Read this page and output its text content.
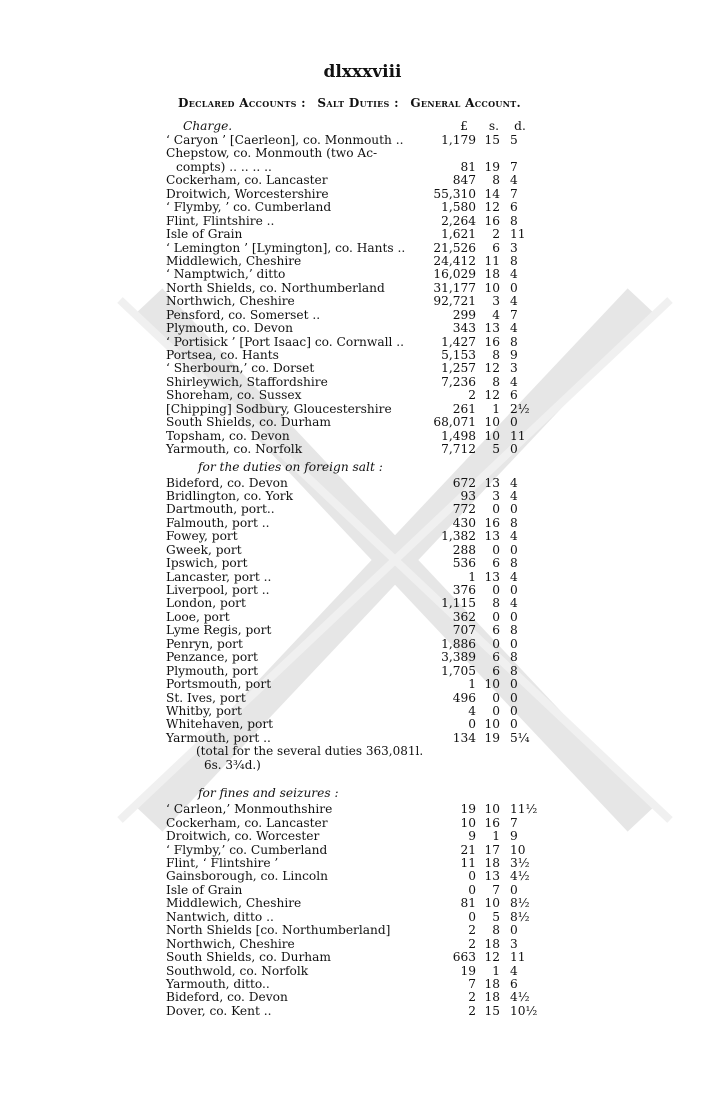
dlxxxviii
Declared Accounts : Salt Duties : General Account.
Charge.	£	s.	d.
‘ Caryon ’ [Caerleon], co. Monmouth ..	1,179 15 5
Chepstow, co. Monmouth (two Ac-
compts) .. .. .. ..	81 19 7
Cockerham, co. Lancaster	847	8 4
Droitwich, Worcestershire	55,310 14 7
‘ Flymby, ’ co. Cumberland	1,580 12 6
Flint, Flintshire ..	2,264 16 8
Isle of Grain	1,621	2 11
‘ Lemington ’ [Lymington], co. Hants ..	21,526	6 3
Middlewich, Cheshire	24,412 11 8
‘ Namptwich,’ ditto	16,029 18 4
North Shields, co. Northumberland	31,177 10 0
Northwich, Cheshire	92,721	3 4
Pensford, co. Somerset ..	299	4 7
Plymouth, co. Devon	343 13 4
‘ Portisick ’ [Port Isaac] co. Cornwall ..	1,427 16 8
Portsea, co. Hants	5,153	8 9
‘ Sherbourn,’ co. Dorset	1,257 12 3
Shirleywich, Staffordshire	7,236	8 4
Shoreham, co. Sussex	2 12 6
[Chipping] Sodbury, Gloucestershire	261	1 2½
South Shields, co. Durham	68,071 10 0
Topsham, co. Devon	1,498 10 11
Yarmouth, co. Norfolk	7,712	5 0
for the duties on foreign salt :
Bideford, co. Devon	672 13 4
Bridlington, co. York	93	3 4
Dartmouth, port..	772	0 0
Falmouth, port ..	430 16 8
Fowey, port	1,382 13 4
Gweek, port	288	0 0
Ipswich, port	536	6 8
Lancaster, port ..	1 13 4
Liverpool, port ..	376	0 0
London, port	1,115	8 4
Looe, port	362	0 0
Lyme Regis, port	707	6 8
Penryn, port	1,886	0 0
Penzance, port	3,389	6 8
Plymouth, port	1,705	6 8
Portsmouth, port	1 10 0
St. Ives, port	496	0 0
Whitby, port	4	0 0
Whitehaven, port	0 10 0
Yarmouth, port ..	134 19 5¼
(total for the several duties 363,081l.
6s. 3¾d.)
for fines and seizures :
‘ Carleon,’ Monmouthshire	19 10 11½
Cockerham, co. Lancaster	10 16 7
Droitwich, co. Worcester	9	1 9
‘ Flymby,’ co. Cumberland	21 17 10
Flint, ‘ Flintshire ’	11 18 3½
Gainsborough, co. Lincoln	0 13 4½
Isle of Grain	0	7 0
Middlewich, Cheshire	81 10 8½
Nantwich, ditto ..	0	5 8½
North Shields [co. Northumberland]	2	8 0
Northwich, Cheshire	2 18 3
South Shields, co. Durham	663 12 11
Southwold, co. Norfolk	19	1 4
Yarmouth, ditto..	7 18 6
Bideford, co. Devon	2 18 4½
Dover, co. Kent ..	2 15 10½
